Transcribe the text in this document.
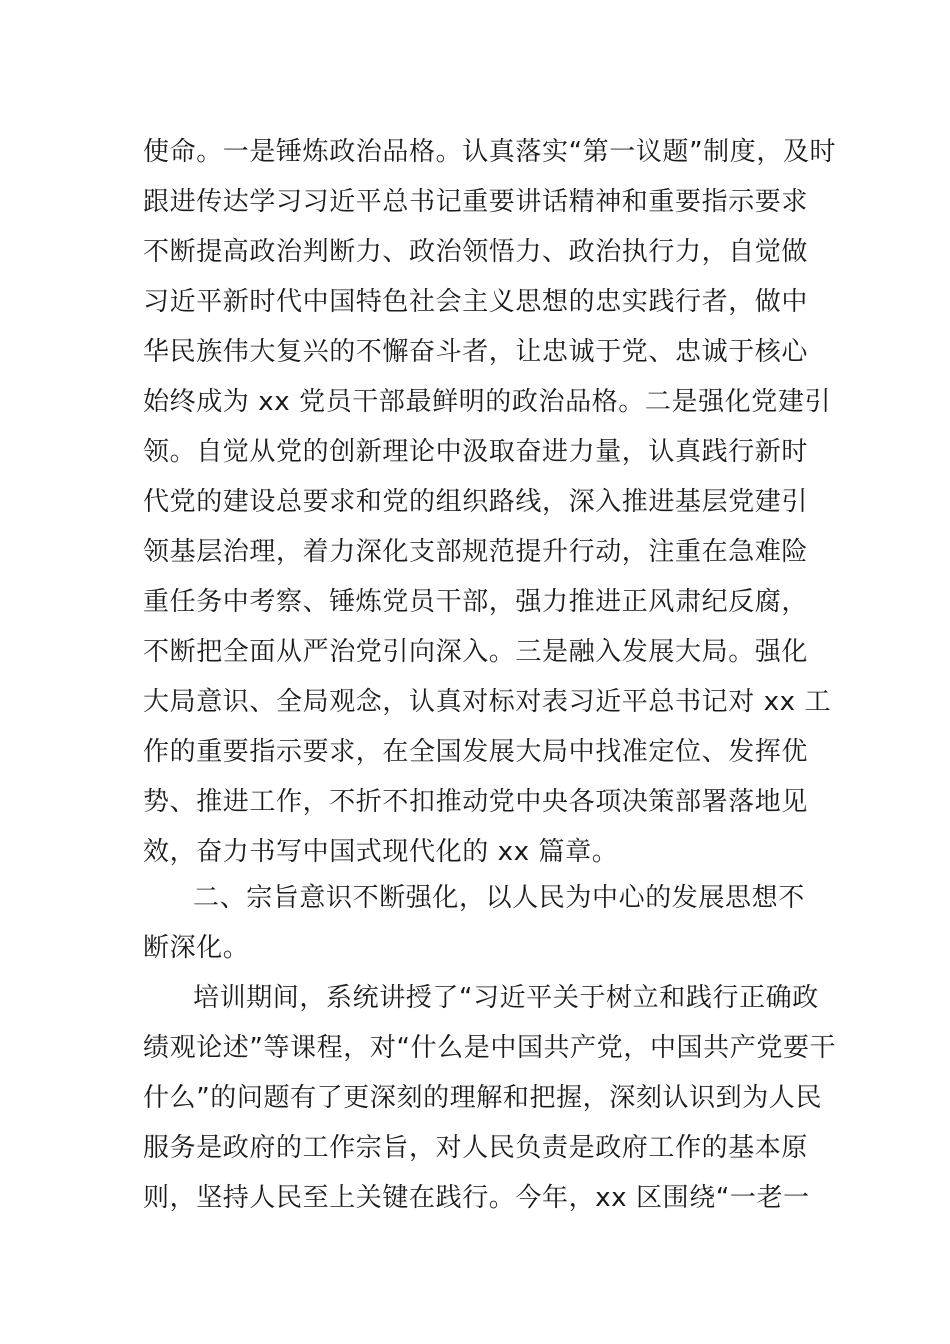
使命。一是锤炼政治品格。认真落实“第一议题”制度，及时
跟进传达学习习近平总书记重要讲话精神和重要指示要求
不断提高政治判断力、政治领悟力、政治执行力，自觉做
习近平新时代中国特色社会主义思想的忠实践行者，做中
华民族伟大复兴的不懈奋斗者，让忠诚于党、忠诚于核心
始终成为 xx 党员干部最鲜明的政治品格。二是强化党建引
领。自觉从党的创新理论中汲取奋进力量，认真践行新时
代党的建设总要求和党的组织路线，深入推进基层党建引
领基层治理，着力深化支部规范提升行动，注重在急难险
重任务中考察、锤炼党员干部，强力推进正风肃纪反腐，
不断把全面从严治党引向深入。三是融入发展大局。强化
大局意识、全局观念，认真对标对表习近平总书记对 xx 工
作的重要指示要求，在全国发展大局中找准定位、发挥优
势、推进工作，不折不扣推动党中央各项决策部署落地见
效，奋力书写中国式现代化的 xx 篇章。
二、宗旨意识不断强化，以人民为中心的发展思想不
断深化。
培训期间，系统讲授了“习近平关于树立和践行正确政
绩观论述”等课程，对“什么是中国共产党，中国共产党要干
什么”的问题有了更深刻的理解和把握，深刻认识到为人民
服务是政府的工作宗旨，对人民负责是政府工作的基本原
则，坚持人民至上关键在践行。今年，xx 区围绕“一老一
